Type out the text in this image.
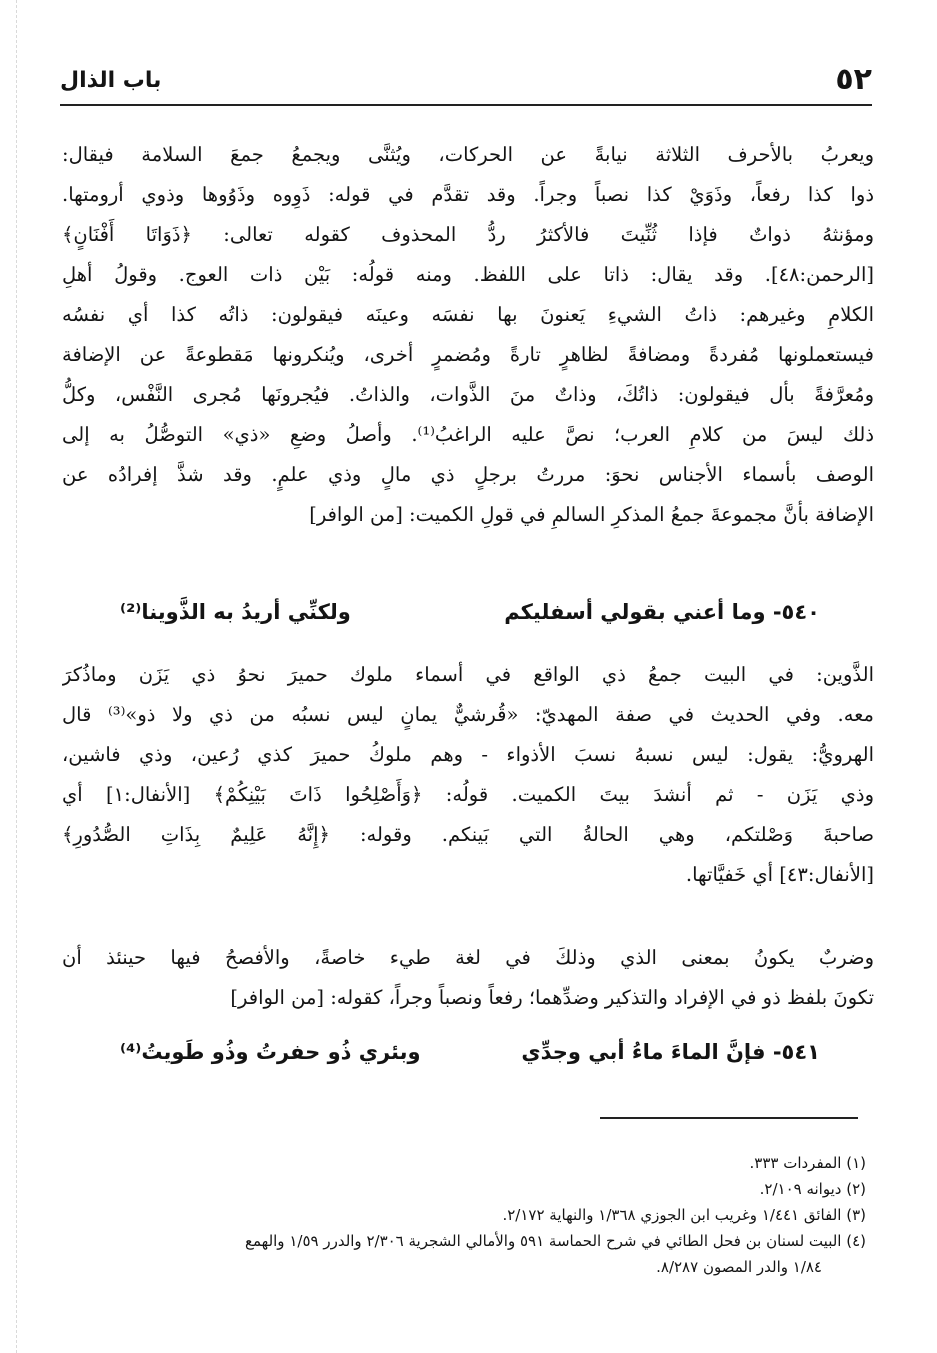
٥٢
باب الذال
ويعربُ بالأحرف الثلاثة نيابةً عن الحركات، ويُثنَّى ويجمعُ جمعَ السلامة فيقال:
ذوا كذا رفعاً، وذَوَيْ كذا نصباً وجراً. وقد تقدَّم في قوله: ذَوِوه وذَوُوها وذوي أرومتها.
ومؤنثهُ ذواتٌ فإذا ثُنِّيتَ فالأكثرُ ردُّ المحذوف كقوله تعالى: ﴿ذَوَاتَا أَفْنَانٍ﴾
[الرحمن:٤٨]. وقد يقال: ذاتا على اللفظ. ومنه قولُه: بَيْن ذات العوج. وقولُ أهلِ
الكلامِ وغيرهم: ذاتُ الشيءِ يَعنونَ بها نفسَه وعينَه فيقولون: ذاتُه كذا أي نفسُه
فيستعملونها مُفردةً ومضافةً لظاهرٍ تارةً ومُضمرٍ أخرى، ويُنكرونها مَقطوعةً عن الإضافة
ومُعرَّفةً بأل فيقولون: ذاتُكَ، وذاتٌ منَ الذَّوات، والذاتُ. فيُجرونَها مُجرى النَّفْس، وكلُّ
ذلك ليسَ من كلامِ العرب؛ نصَّ عليه الراغبُ⁽¹⁾. وأصلُ وضعِ «ذي» التوصُّلُ به إلى
الوصف بأسماء الأجناس نحوَ: مررتُ برجلٍ ذي مالٍ وذي علمٍ. وقد شذَّ إفرادُه عن
الإضافة بأنَّ مجموعةَ جمعُ المذكرِ السالمِ في قولِ الكميت: [من الوافر]
٥٤٠- وما أعني بقولي أسفليكم
ولكنِّي أريدُ به الذَّوينا⁽²⁾
الذَّوين: في البيت جمعُ ذي الواقع في أسماء ملوك حميرَ نحوُ ذي يَزَن وماذُكرَ
معه. وفي الحديث في صفة المهديّ: «قُرشيٌّ يمانٍ ليس نسبُه من ذي ولا ذو»⁽³⁾ قال
الهرويُّ: يقول: ليس نسبهُ نسبَ الأذواء - وهم ملوكُ حميرَ كذي رُعين، وذي فاشين،
وذي يَزَن - ثم أنشدَ بيتَ الكميت. قولُه: ﴿وَأَصْلِحُوا ذَاتَ بَيْنِكُمْ﴾ [الأنفال:١] أي
صاحبةَ وَصْلتكم، وهي الحالةُ التي بَينكم. وقوله: ﴿إِنَّهُ عَلِيمٌ بِذَاتِ الصُّدُورِ﴾
[الأنفال:٤٣] أي خَفيَّاتها.
وضربٌ يكونُ بمعنى الذي وذلكَ في لغة طيء خاصةً، والأفصحُ فيها حينئذ أن
تكونَ بلفظ ذو في الإفراد والتذكير وضدِّهما؛ رفعاً ونصباً وجراً، كقوله: [من الوافر]
٥٤١- فإنَّ الماءَ ماءُ أبي وجدِّي
وبئري ذُو حفرتُ وذُو طَويتُ⁽⁴⁾
(١) المفردات ٣٣٣.
(٢) ديوانه ٢/١٠٩.
(٣) الفائق ١/٤٤١ وغريب ابن الجوزي ١/٣٦٨ والنهاية ٢/١٧٢.
(٤) البيت لسنان بن فحل الطائي في شرح الحماسة ٥٩١ والأمالي الشجرية ٢/٣٠٦ والدرر ١/٥٩ والهمع
١/٨٤ والدر المصون ٨/٢٨٧.
